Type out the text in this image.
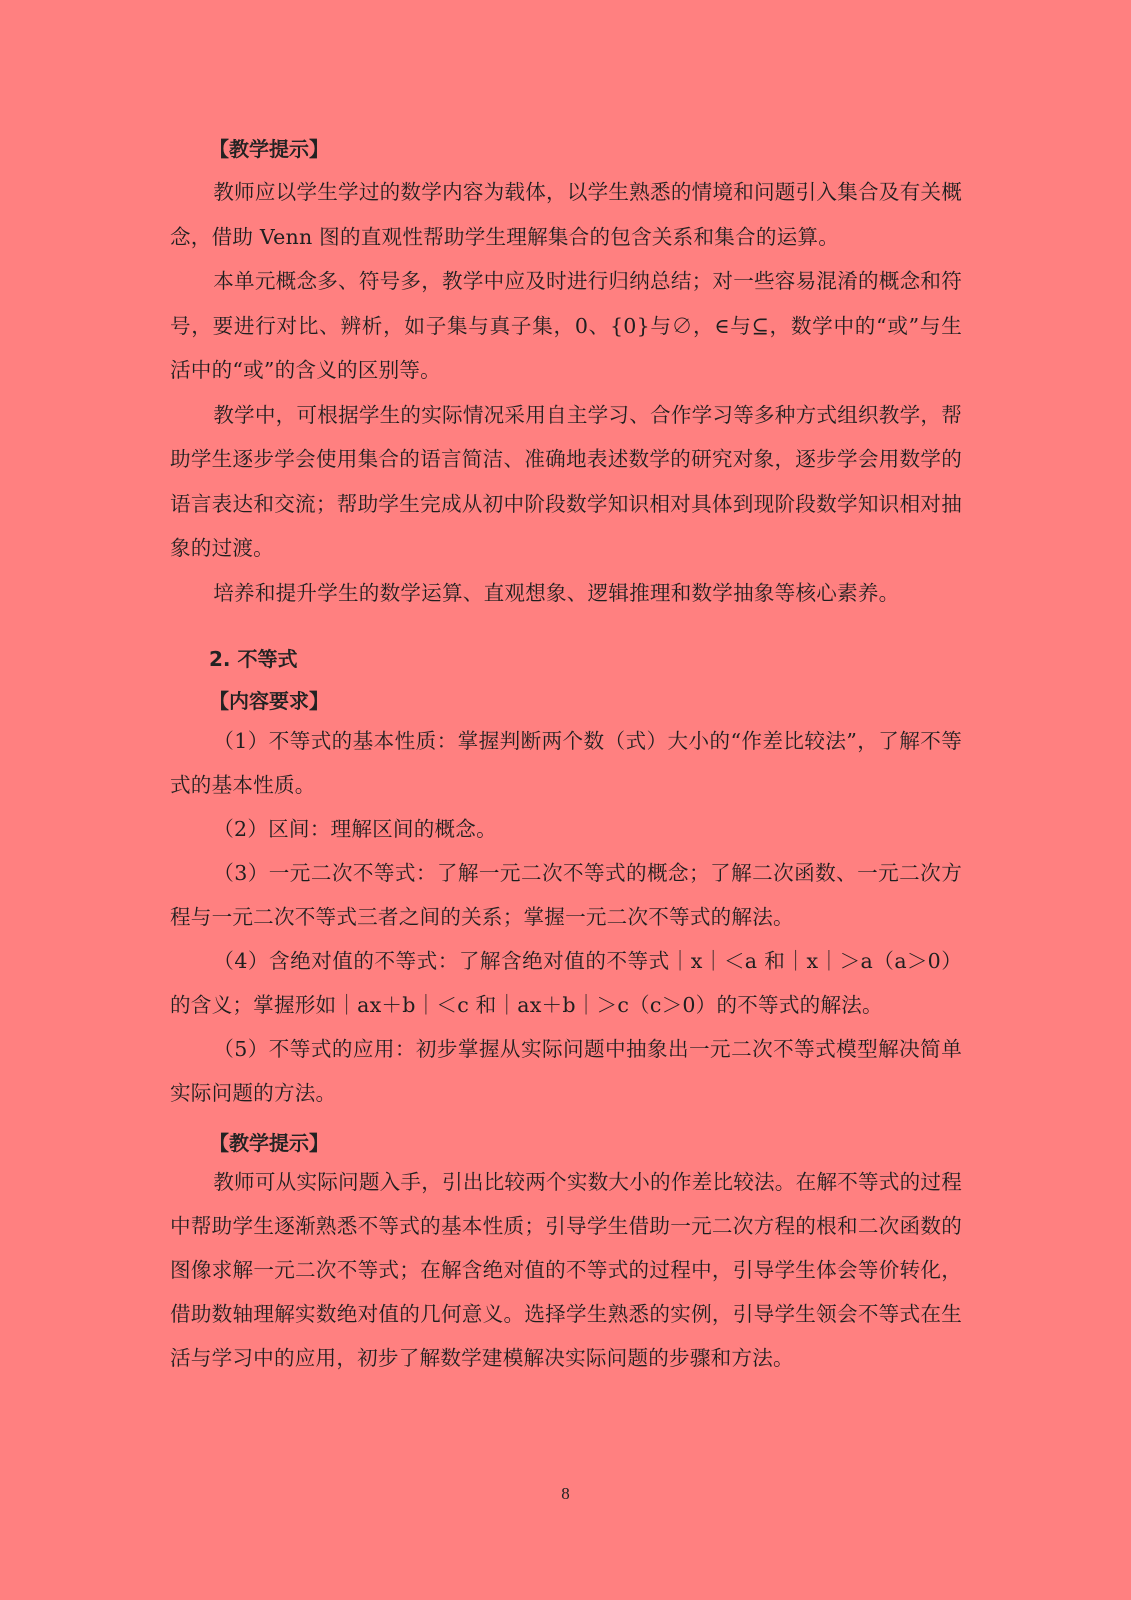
【教学提示】

教师应以学生学过的数学内容为载体，以学生熟悉的情境和问题引入集合及有关概念，借助 Venn 图的直观性帮助学生理解集合的包含关系和集合的运算。

本单元概念多、符号多，教学中应及时进行归纳总结；对一些容易混淆的概念和符号，要进行对比、辨析，如子集与真子集，0、{0}与∅，∈与⊆，数学中的“或”与生活中的“或”的含义的区别等。

教学中，可根据学生的实际情况采用自主学习、合作学习等多种方式组织教学，帮助学生逐步学会使用集合的语言简洁、准确地表述数学的研究对象，逐步学会用数学的语言表达和交流；帮助学生完成从初中阶段数学知识相对具体到现阶段数学知识相对抽象的过渡。

培养和提升学生的数学运算、直观想象、逻辑推理和数学抽象等核心素养。

2. 不等式
【内容要求】

（1）不等式的基本性质：掌握判断两个数（式）大小的“作差比较法”，了解不等式的基本性质。

（2）区间：理解区间的概念。

（3）一元二次不等式：了解一元二次不等式的概念；了解二次函数、一元二次方程与一元二次不等式三者之间的关系；掌握一元二次不等式的解法。

（4）含绝对值的不等式：了解含绝对值的不等式｜x｜＜a 和｜x｜＞a（a＞0）的含义；掌握形如｜ax＋b｜＜c 和｜ax＋b｜＞c（c＞0）的不等式的解法。

（5）不等式的应用：初步掌握从实际问题中抽象出一元二次不等式模型解决简单实际问题的方法。

【教学提示】

教师可从实际问题入手，引出比较两个实数大小的作差比较法。在解不等式的过程中帮助学生逐渐熟悉不等式的基本性质；引导学生借助一元二次方程的根和二次函数的图像求解一元二次不等式；在解含绝对值的不等式的过程中，引导学生体会等价转化，借助数轴理解实数绝对值的几何意义。选择学生熟悉的实例，引导学生领会不等式在生活与学习中的应用，初步了解数学建模解决实际问题的步骤和方法。

8
